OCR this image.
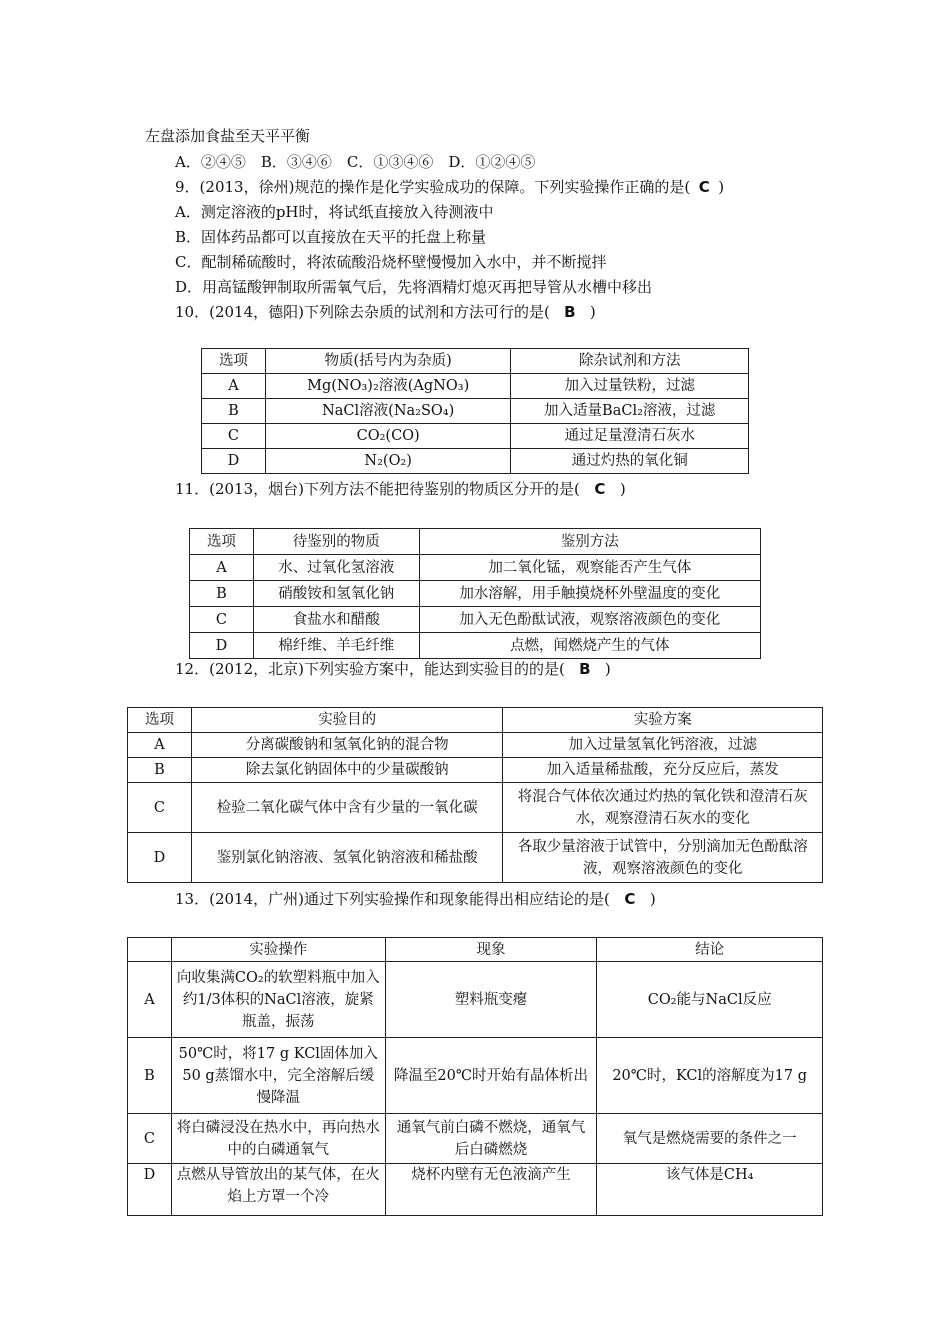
左盘添加食盐至天平平衡
A．②④⑤　B．③④⑥　C．①③④⑥　D．①②④⑤
9．(2013，徐州)规范的操作是化学实验成功的保障。下列实验操作正确的是( C )
A．测定溶液的pH时，将试纸直接放入待测液中
B．固体药品都可以直接放在天平的托盘上称量
C．配制稀硫酸时，将浓硫酸沿烧杯壁慢慢加入水中，并不断搅拌
D．用高锰酸钾制取所需氧气后，先将酒精灯熄灭再把导管从水槽中移出
10．(2014，德阳)下列除去杂质的试剂和方法可行的是( B )
选项	物质(括号内为杂质)	除杂试剂和方法
A	Mg(NO₃)₂溶液(AgNO₃)	加入过量铁粉，过滤
B	NaCl溶液(Na₂SO₄)	加入适量BaCl₂溶液，过滤
C	CO₂(CO)	通过足量澄清石灰水
D	N₂(O₂)	通过灼热的氧化铜
11．(2013，烟台)下列方法不能把待鉴别的物质区分开的是( C )
选项	待鉴别的物质	鉴别方法
A	水、过氧化氢溶液	加二氧化锰，观察能否产生气体
B	硝酸铵和氢氧化钠	加水溶解，用手触摸烧杯外壁温度的变化
C	食盐水和醋酸	加入无色酚酞试液，观察溶液颜色的变化
D	棉纤维、羊毛纤维	点燃，闻燃烧产生的气体
12．(2012，北京)下列实验方案中，能达到实验目的的是( B )
选项	实验目的	实验方案
A	分离碳酸钠和氢氧化钠的混合物	加入过量氢氧化钙溶液，过滤
B	除去氯化钠固体中的少量碳酸钠	加入适量稀盐酸，充分反应后，蒸发
C	检验二氧化碳气体中含有少量的一氧化碳	将混合气体依次通过灼热的氧化铁和澄清石灰水，观察澄清石灰水的变化
D	鉴别氯化钠溶液、氢氧化钠溶液和稀盐酸	各取少量溶液于试管中，分别滴加无色酚酞溶液，观察溶液颜色的变化
13．(2014，广州)通过下列实验操作和现象能得出相应结论的是( C )
	实验操作	现象	结论
A	向收集满CO₂的软塑料瓶中加入约1/3体积的NaCl溶液，旋紧瓶盖，振荡	塑料瓶变瘪	CO₂能与NaCl反应
B	50℃时，将17 g KCl固体加入50 g蒸馏水中，完全溶解后缓慢降温	降温至20℃时开始有晶体析出	20℃时，KCl的溶解度为17 g
C	将白磷浸没在热水中，再向热水中的白磷通氧气	通氧气前白磷不燃烧，通氧气后白磷燃烧	氧气是燃烧需要的条件之一
D	点燃从导管放出的某气体，在火焰上方罩一个冷	烧杯内壁有无色液滴产生	该气体是CH₄
